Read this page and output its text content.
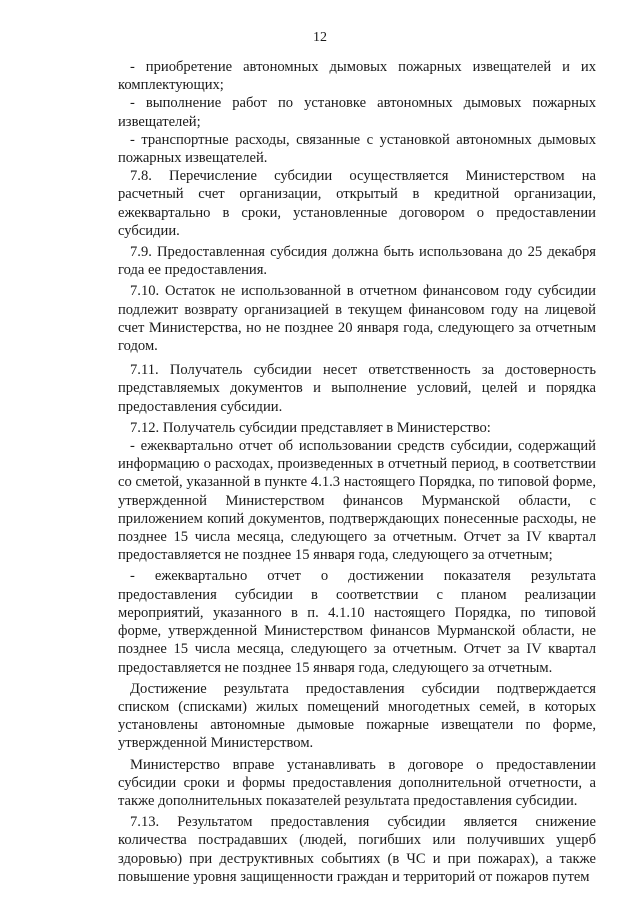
12

- приобретение автономных дымовых пожарных извещателей и их комплектующих;

- выполнение работ по установке автономных дымовых пожарных извещателей;

- транспортные расходы, связанные с установкой автономных дымовых пожарных извещателей.

7.8. Перечисление субсидии осуществляется Министерством на расчетный счет организации, открытый в кредитной организации, ежеквартально в сроки, установленные договором о предоставлении субсидии.

7.9. Предоставленная субсидия должна быть использована до 25 декабря года ее предоставления.

7.10. Остаток не использованной в отчетном финансовом году субсидии подлежит возврату организацией в текущем финансовом году на лицевой счет Министерства, но не позднее 20 января года, следующего за отчетным годом.

7.11. Получатель субсидии несет ответственность за достоверность представляемых документов и выполнение условий, целей и порядка предоставления субсидии.

7.12. Получатель субсидии представляет в Министерство:

- ежеквартально отчет об использовании средств субсидии, содержащий информацию о расходах, произведенных в отчетный период, в соответствии со сметой, указанной в пункте 4.1.3 настоящего Порядка, по типовой форме, утвержденной Министерством финансов Мурманской области, с приложением копий документов, подтверждающих понесенные расходы, не позднее 15 числа месяца, следующего за отчетным. Отчет за IV квартал предоставляется не позднее 15 января года, следующего за отчетным;

- ежеквартально отчет о достижении показателя результата предоставления субсидии в соответствии с планом реализации мероприятий, указанного в п. 4.1.10 настоящего Порядка, по типовой форме, утвержденной Министерством финансов Мурманской области, не позднее 15 числа месяца, следующего за отчетным. Отчет за IV квартал предоставляется не позднее 15 января года, следующего за отчетным.

Достижение результата предоставления субсидии подтверждается списком (списками) жилых помещений многодетных семей, в которых установлены автономные дымовые пожарные извещатели по форме, утвержденной Министерством.

Министерство вправе устанавливать в договоре о предоставлении субсидии сроки и формы предоставления дополнительной отчетности, а также дополнительных показателей результата предоставления субсидии.

7.13. Результатом предоставления субсидии является снижение количества пострадавших (людей, погибших или получивших ущерб здоровью) при деструктивных событиях (в ЧС и при пожарах), а также повышение уровня защищенности граждан и территорий от пожаров путем
